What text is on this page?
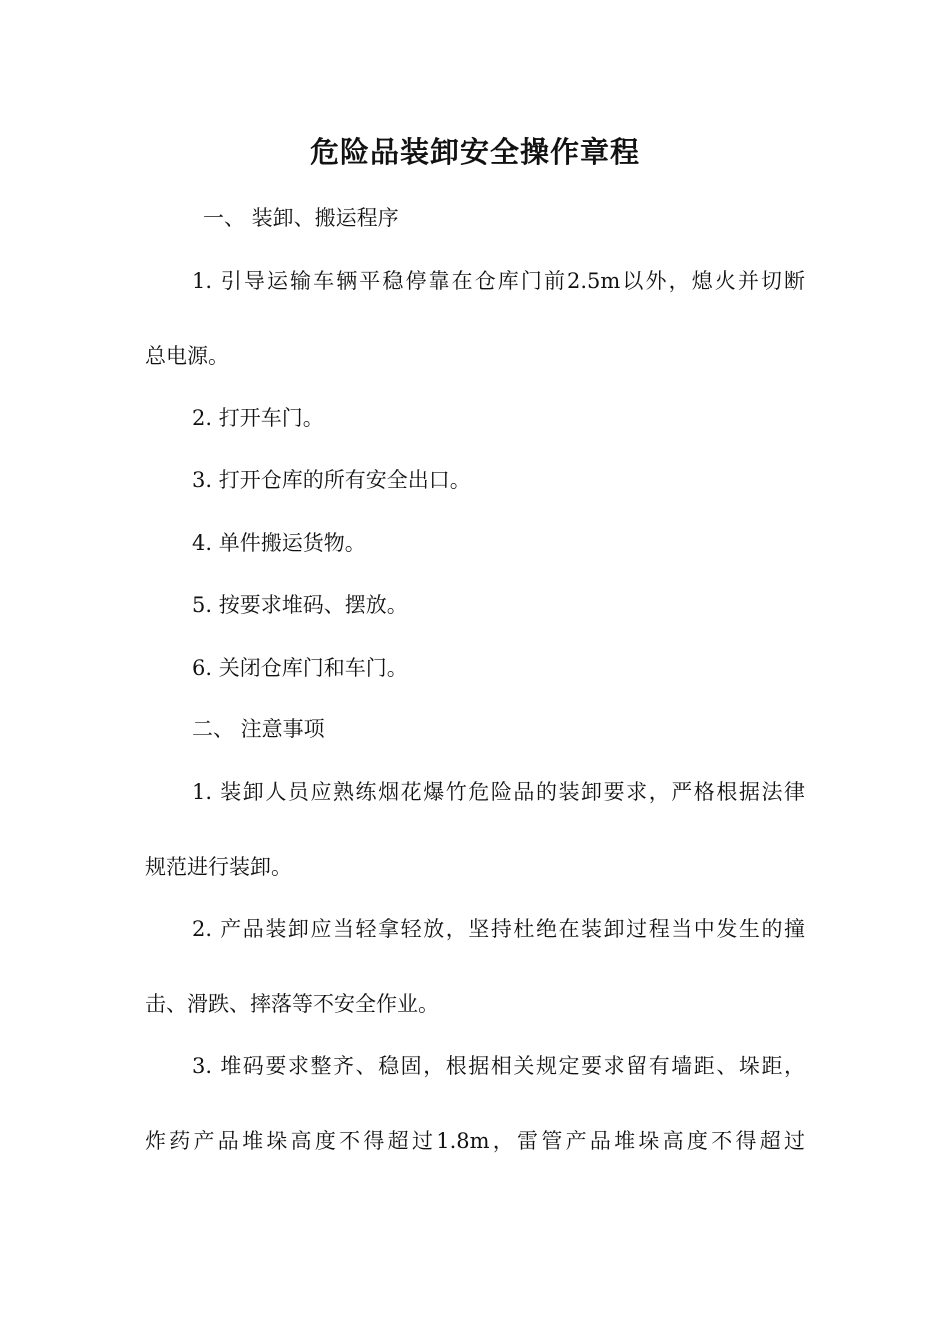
危险品装卸安全操作章程
一、 装卸、搬运程序
1. 引导运输车辆平稳停靠在仓库门前2.5m以外，熄火并切断
总电源。
2. 打开车门。
3. 打开仓库的所有安全出口。
4. 单件搬运货物。
5. 按要求堆码、摆放。
6. 关闭仓库门和车门。
二、 注意事项
1. 装卸人员应熟练烟花爆竹危险品的装卸要求，严格根据法律
规范进行装卸。
2. 产品装卸应当轻拿轻放，坚持杜绝在装卸过程当中发生的撞
击、滑跌、摔落等不安全作业。
3. 堆码要求整齐、稳固，根据相关规定要求留有墙距、垛距，
炸药产品堆垛高度不得超过1.8m，雷管产品堆垛高度不得超过
